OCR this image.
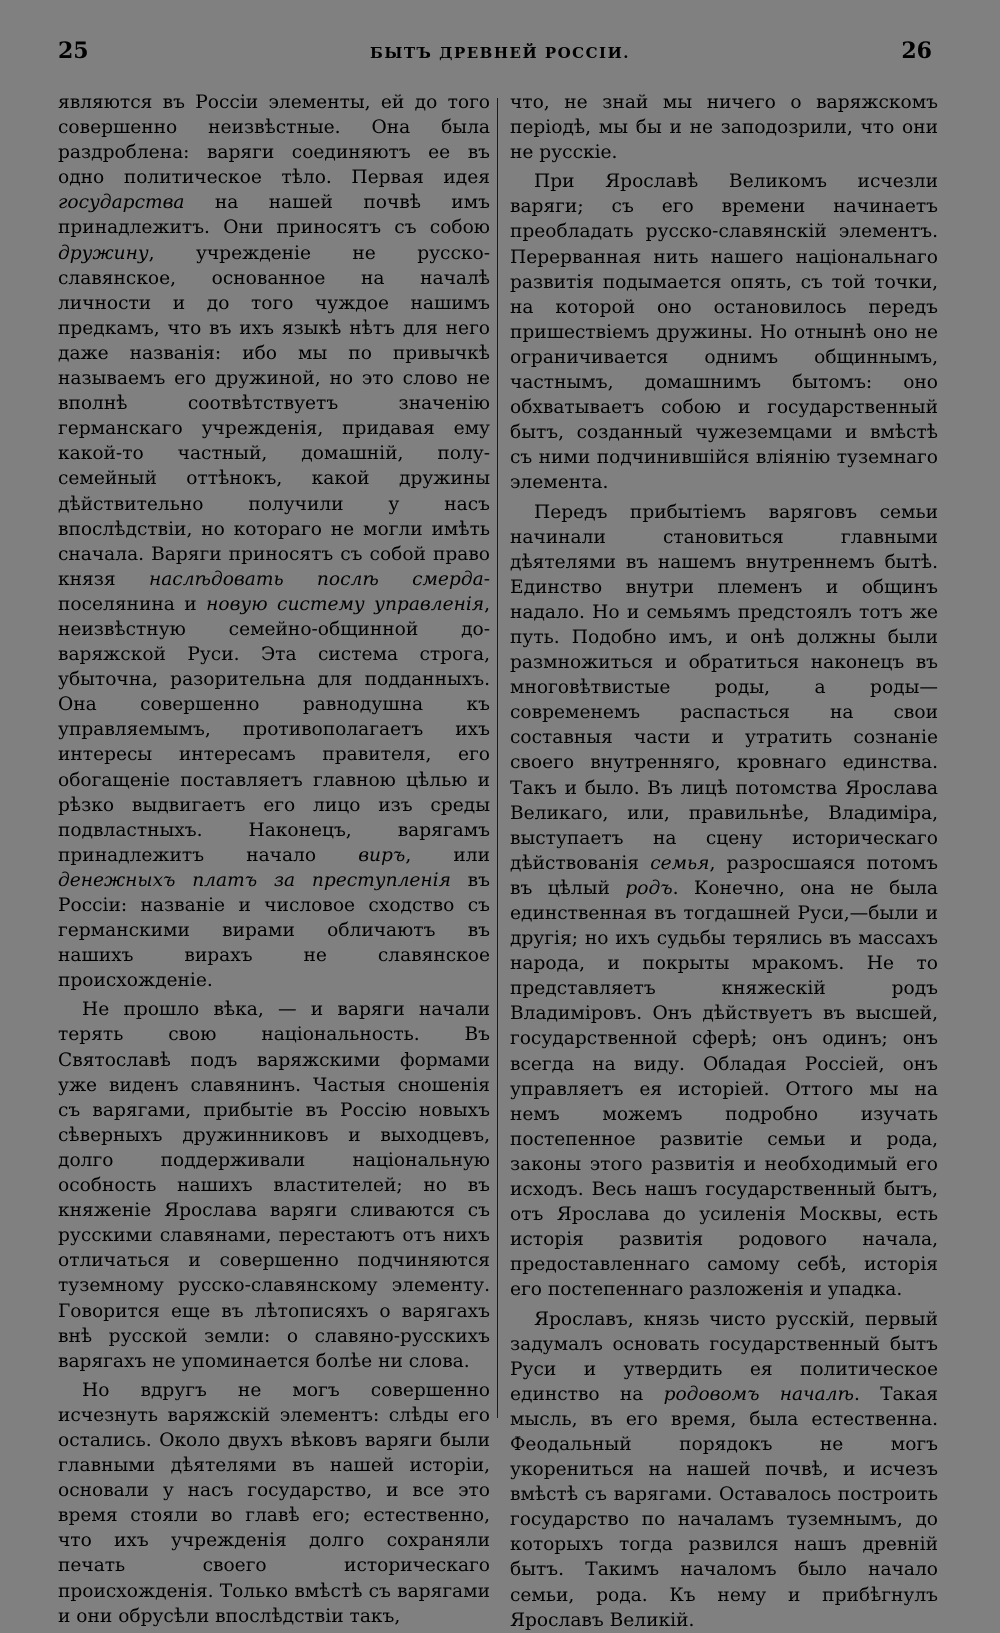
25	БЫТЪ ДРЕВНЕЙ РОССІИ.	26

являются въ Россіи элементы, ей до того совершенно неизвѣстные. Она была раздроблена: варяги соединяютъ ее въ одно политическое тѣло. Первая идея государства на нашей почвѣ имъ принадлежитъ. Они приносятъ съ собою дружину, учрежденіе не русско-славянское, основанное на началѣ личности и до того чуждое нашимъ предкамъ, что въ ихъ языкѣ нѣтъ для него даже названія: ибо мы по привычкѣ называемъ его дружиной, но это слово не вполнѣ соотвѣтствуетъ значенію германскаго учрежденія, придавая ему какой-то частный, домашній, полу-семейный оттѣнокъ, какой дружины дѣйствительно получили у насъ впослѣдствіи, но котораго не могли имѣть сначала. Варяги приносятъ съ собой право князя наслѣдовать послѣ смерда-поселянина и новую систему управленія, неизвѣстную семейно-общинной до-варяжской Руси. Эта система строга, убыточна, разорительна для подданныхъ. Она совершенно равнодушна къ управляемымъ, противополагаетъ ихъ интересы интересамъ правителя, его обогащеніе поставляетъ главною цѣлью и рѣзко выдвигаетъ его лицо изъ среды подвластныхъ. Наконецъ, варягамъ принадлежитъ начало виръ, или денежныхъ платъ за преступленія въ Россіи: названіе и числовое сходство съ германскими вирами обличаютъ въ нашихъ вирахъ не славянское происхожденіе.

Не прошло вѣка, — и варяги начали терять свою національность. Въ Святославѣ подъ варяжскими формами уже виденъ славянинъ. Частыя сношенія съ варягами, прибытіе въ Россію новыхъ сѣверныхъ дружинниковъ и выходцевъ, долго поддерживали національную особность нашихъ властителей; но въ княженіе Ярослава варяги сливаются съ русскими славянами, перестаютъ отъ нихъ отличаться и совершенно подчиняются туземному русско-славянскому элементу. Говорится еще въ лѣтописяхъ о варягахъ внѣ русской земли: о славяно-русскихъ варягахъ не упоминается болѣе ни слова.

Но вдругъ не могъ совершенно исчезнуть варяжскій элементъ: слѣды его остались. Около двухъ вѣковъ варяги были главными дѣятелями въ нашей исторіи, основали у насъ государство, и все это время стояли во главѣ его; естественно, что ихъ учрежденія долго сохраняли печать своего историческаго происхожденія. Только вмѣстѣ съ варягами и они обрусѣли впослѣдствіи такъ,

что, не знай мы ничего о варяжскомъ періодѣ, мы бы и не заподозрили, что они не русскіе.

При Ярославѣ Великомъ исчезли варяги; съ его времени начинаетъ преобладать русско-славянскій элементъ. Перерванная нить нашего національнаго развитія подымается опять, съ той точки, на которой оно остановилось передъ пришествіемъ дружины. Но отнынѣ оно не ограничивается однимъ общиннымъ, частнымъ, домашнимъ бытомъ: оно обхватываетъ собою и государственный бытъ, созданный чужеземцами и вмѣстѣ съ ними подчинившійся вліянію туземнаго элемента.

Передъ прибытіемъ варяговъ семьи начинали становиться главными дѣятелями въ нашемъ внутреннемъ бытѣ. Единство внутри племенъ и общинъ надало. Но и семьямъ предстоялъ тотъ же путь. Подобно имъ, и онѣ должны были размножиться и обратиться наконецъ въ многовѣтвистые роды, а роды—современемъ распасться на свои составныя части и утратить сознаніе своего внутренняго, кровнаго единства. Такъ и было. Въ лицѣ потомства Ярослава Великаго, или, правильнѣе, Владиміра, выступаетъ на сцену историческаго дѣйствованія семья, разросшаяся потомъ въ цѣлый родъ. Конечно, она не была единственная въ тогдашней Руси,—были и другія; но ихъ судьбы терялись въ массахъ народа, и покрыты мракомъ. Не то представляетъ княжескій родъ Владиміровъ. Онъ дѣйствуетъ въ высшей, государственной сферѣ; онъ одинъ; онъ всегда на виду. Обладая Россіей, онъ управляетъ ея исторіей. Оттого мы на немъ можемъ подробно изучать постепенное развитіе семьи и рода, законы этого развитія и необходимый его исходъ. Весь нашъ государственный бытъ, отъ Ярослава до усиленія Москвы, есть исторія развитія родового начала, предоставленнаго самому себѣ, исторія его постепеннаго разложенія и упадка.

Ярославъ, князь чисто русскій, первый задумалъ основать государственный бытъ Руси и утвердить ея политическое единство на родовомъ началѣ. Такая мысль, въ его время, была естественна. Феодальный порядокъ не могъ укорениться на нашей почвѣ, и исчезъ вмѣстѣ съ варягами. Оставалось построить государство по началамъ туземнымъ, до которыхъ тогда развился нашъ древній бытъ. Такимъ началомъ было начало семьи, рода. Къ нему и прибѣгнулъ Ярославъ Великій.
